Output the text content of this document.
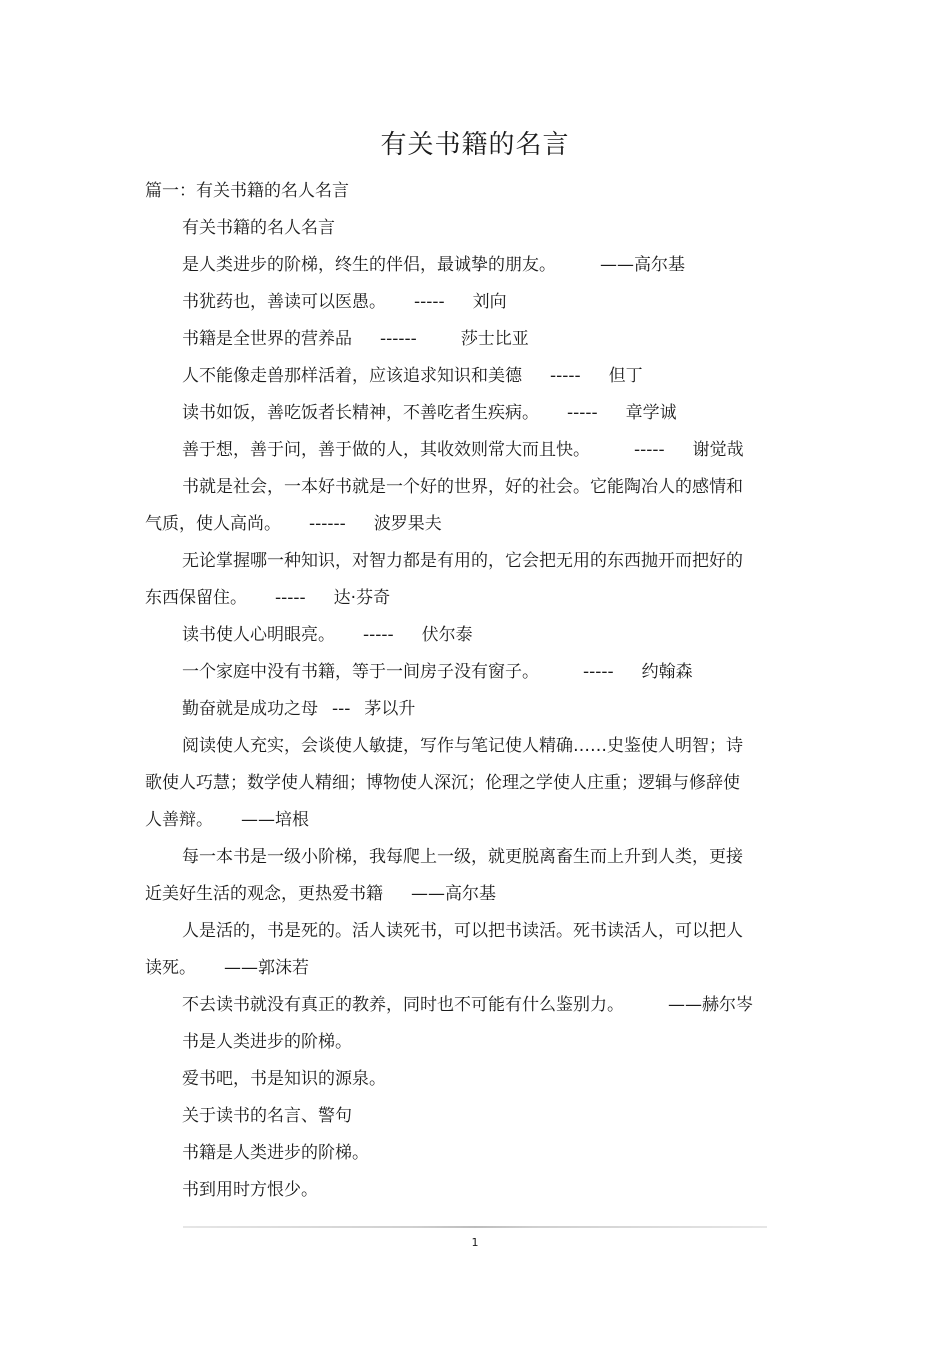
有关书籍的名言
篇一：有关书籍的名人名言
有关书籍的名人名言
是人类进步的阶梯，终生的伴侣，最诚挚的朋友。	——高尔基
书犹药也，善读可以医愚。 ----- 刘向
书籍是全世界的营养品 ------	莎士比亚
人不能像走兽那样活着，应该追求知识和美德 ----- 但丁
读书如饭，善吃饭者长精神，不善吃者生疾病。 ----- 章学诚
善于想，善于问，善于做的人，其收效则常大而且快。	----- 谢觉哉
书就是社会，一本好书就是一个好的世界，好的社会。它能陶冶人的感情和
气质，使人高尚。 ------ 波罗果夫
无论掌握哪一种知识，对智力都是有用的，它会把无用的东西抛开而把好的
东西保留住。 ----- 达·芬奇
读书使人心明眼亮。 ----- 伏尔泰
一个家庭中没有书籍，等于一间房子没有窗子。	----- 约翰森
勤奋就是成功之母 --- 茅以升
阅读使人充实，会谈使人敏捷，写作与笔记使人精确……史鉴使人明智；诗
歌使人巧慧；数学使人精细；博物使人深沉；伦理之学使人庄重；逻辑与修辞使
人善辩。 ——培根
每一本书是一级小阶梯，我每爬上一级，就更脱离畜生而上升到人类，更接
近美好生活的观念，更热爱书籍 ——高尔基
人是活的，书是死的。活人读死书，可以把书读活。死书读活人，可以把人
读死。 ——郭沫若
不去读书就没有真正的教养，同时也不可能有什么鉴别力。	——赫尔岑
书是人类进步的阶梯。
爱书吧，书是知识的源泉。
关于读书的名言、警句
书籍是人类进步的阶梯。
书到用时方恨少。
1
